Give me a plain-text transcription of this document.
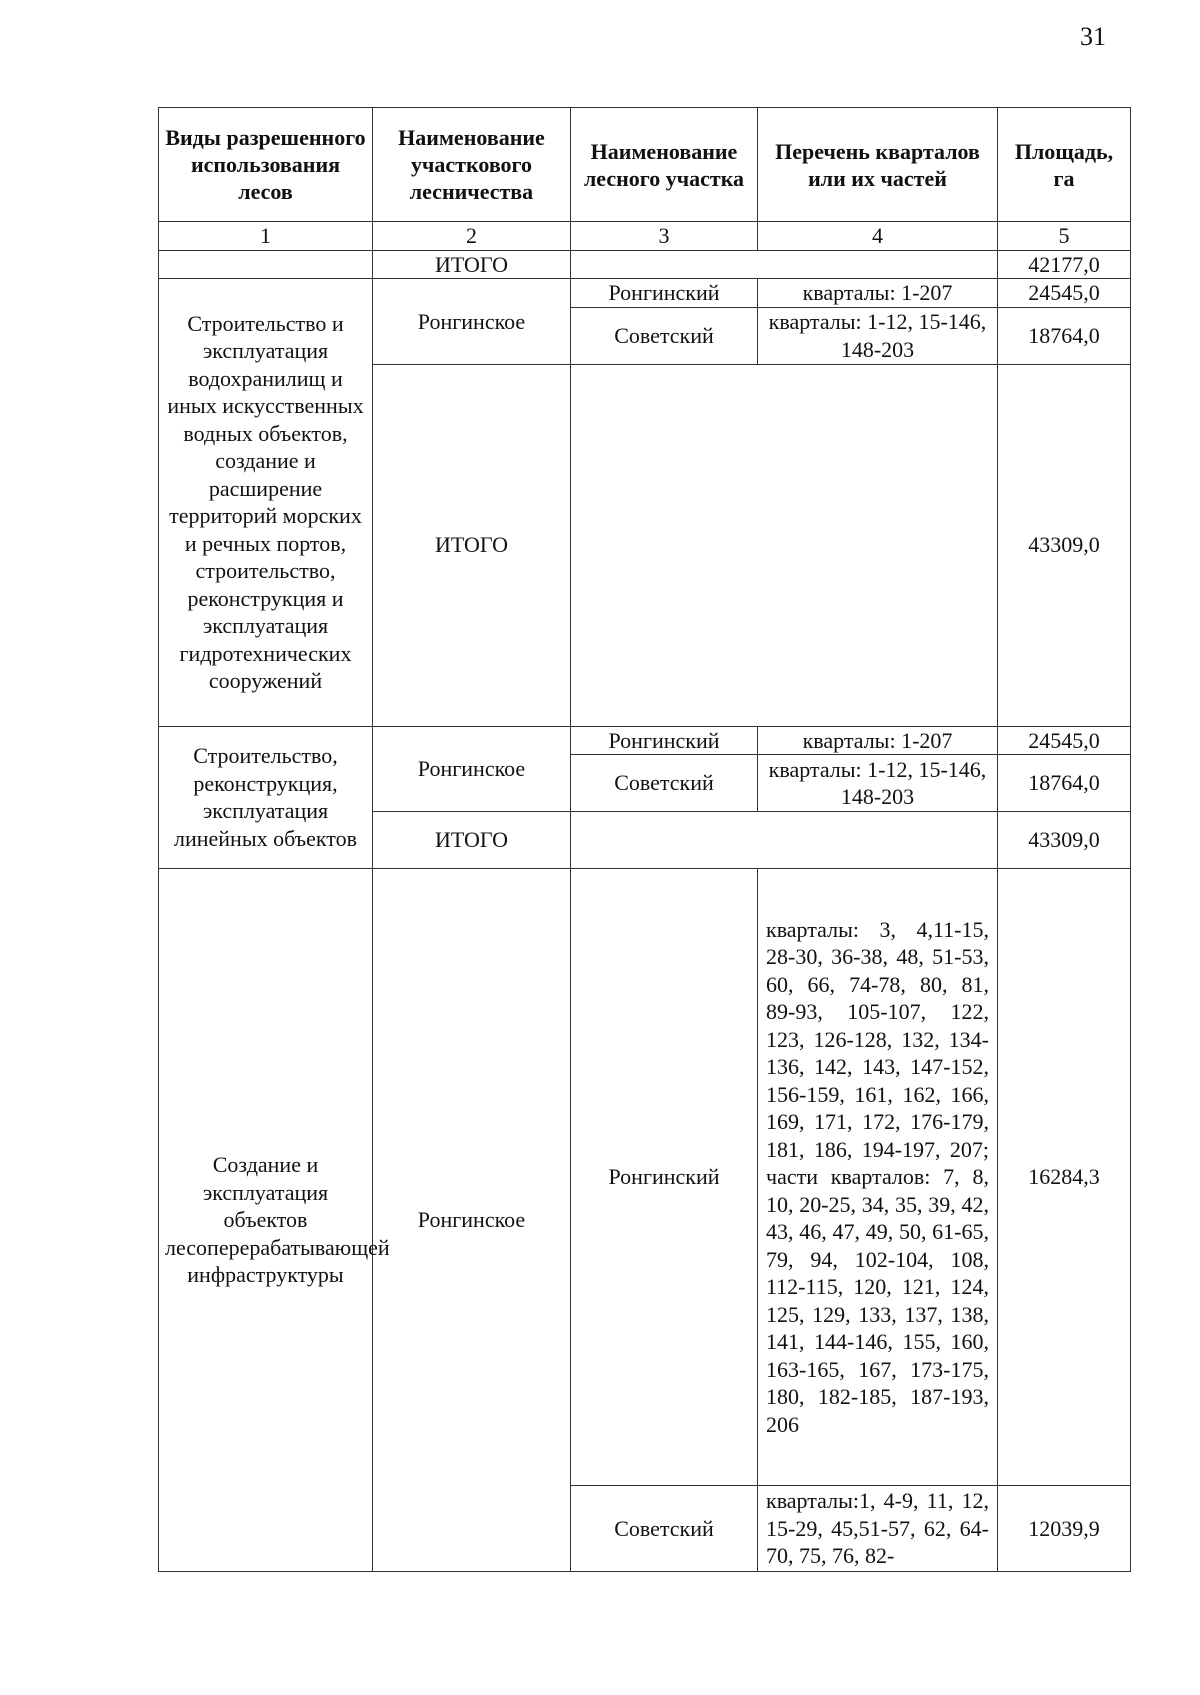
31
Виды разрешенного использования лесов	Наименование участкового лесничества	Наименование лесного участка	Перечень кварталов или их частей	Площадь, га
1	2	3	4	5
	ИТОГО			42177,0
Строительство и эксплуатация водохранилищ и иных искусственных водных объектов, создание и расширение территорий морских и речных портов, строительство, реконструкция и эксплуатация гидротехнических сооружений	Ронгинское	Ронгинский	кварталы: 1-207	24545,0
		Советский	кварталы: 1-12, 15-146, 148-203	18764,0
	ИТОГО			43309,0
Строительство, реконструкция, эксплуатация линейных объектов	Ронгинское	Ронгинский	кварталы: 1-207	24545,0
		Советский	кварталы: 1-12, 15-146, 148-203	18764,0
	ИТОГО			43309,0
Создание и эксплуатация объектов лесоперерабатывающей инфраструктуры	Ронгинское	Ронгинский	кварталы: 3, 4,11-15, 28-30, 36-38, 48, 51-53, 60, 66, 74-78, 80, 81, 89-93, 105-107, 122, 123, 126-128, 132, 134-136, 142, 143, 147-152, 156-159, 161, 162, 166, 169, 171, 172, 176-179, 181, 186, 194-197, 207; части кварталов: 7, 8, 10, 20-25, 34, 35, 39, 42, 43, 46, 47, 49, 50, 61-65, 79, 94, 102-104, 108, 112-115, 120, 121, 124, 125, 129, 133, 137, 138, 141, 144-146, 155, 160, 163-165, 167, 173-175, 180, 182-185, 187-193, 206	16284,3
		Советский	кварталы:1, 4-9, 11, 12, 15-29, 45,51-57, 62, 64-70, 75, 76, 82-	12039,9
